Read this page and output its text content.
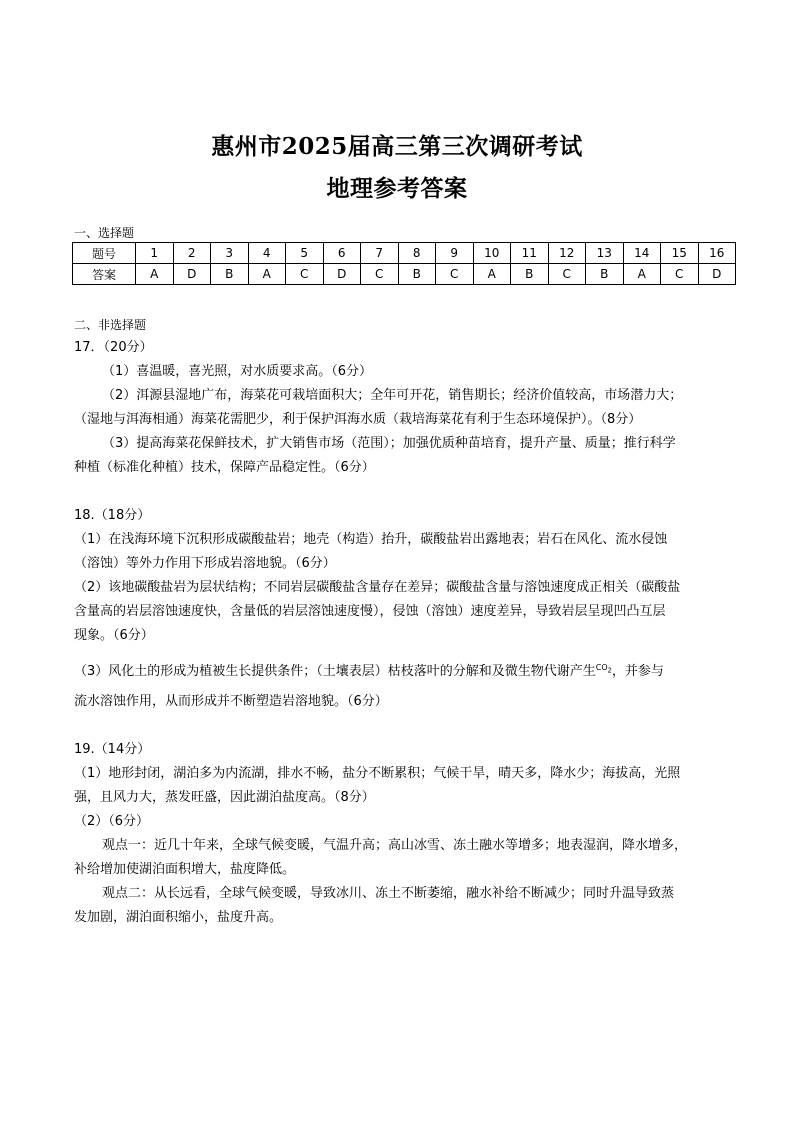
惠州市2025届高三第三次调研考试
地理参考答案
一、选择题
题号	1	2	3	4	5	6	7	8	9	10	11	12	13	14	15	16
答案	A	D	B	A	C	D	C	B	C	A	B	C	B	A	C	D
二、非选择题
17．（20分）
（1）喜温暖，喜光照，对水质要求高。（6分）
（2）洱源县湿地广布，海菜花可栽培面积大；全年可开花，销售期长；经济价值较高，市场潜力大；
（湿地与洱海相通）海菜花需肥少，利于保护洱海水质（栽培海菜花有利于生态环境保护）。（8分）
（3）提高海菜花保鲜技术，扩大销售市场（范围）；加强优质种苗培育，提升产量、质量；推行科学
种植（标准化种植）技术，保障产品稳定性。（6分）
18.（18分）
（1）在浅海环境下沉积形成碳酸盐岩；地壳（构造）抬升，碳酸盐岩出露地表；岩石在风化、流水侵蚀
（溶蚀）等外力作用下形成岩溶地貌。（6分）
（2）该地碳酸盐岩为层状结构；不同岩层碳酸盐含量存在差异；碳酸盐含量与溶蚀速度成正相关（碳酸盐
含量高的岩层溶蚀速度快，含量低的岩层溶蚀速度慢），侵蚀（溶蚀）速度差异，导致岩层呈现凹凸互层
现象。（6分）
（3）风化土的形成为植被生长提供条件；（土壤表层）枯枝落叶的分解和及微生物代谢产生$^{CO_2}$，并参与
流水溶蚀作用，从而形成并不断塑造岩溶地貌。（6分）
19.（14分）
（1）地形封闭，湖泊多为内流湖，排水不畅，盐分不断累积；气候干旱，晴天多，降水少；海拔高，光照
强，且风力大，蒸发旺盛，因此湖泊盐度高。（8分）
（2）（6分）
观点一：近几十年来，全球气候变暖，气温升高；高山冰雪、冻土融水等增多；地表湿润，降水增多，
补给增加使湖泊面积增大，盐度降低。
观点二：从长远看，全球气候变暖，导致冰川、冻土不断萎缩，融水补给不断减少；同时升温导致蒸
发加剧，湖泊面积缩小，盐度升高。
